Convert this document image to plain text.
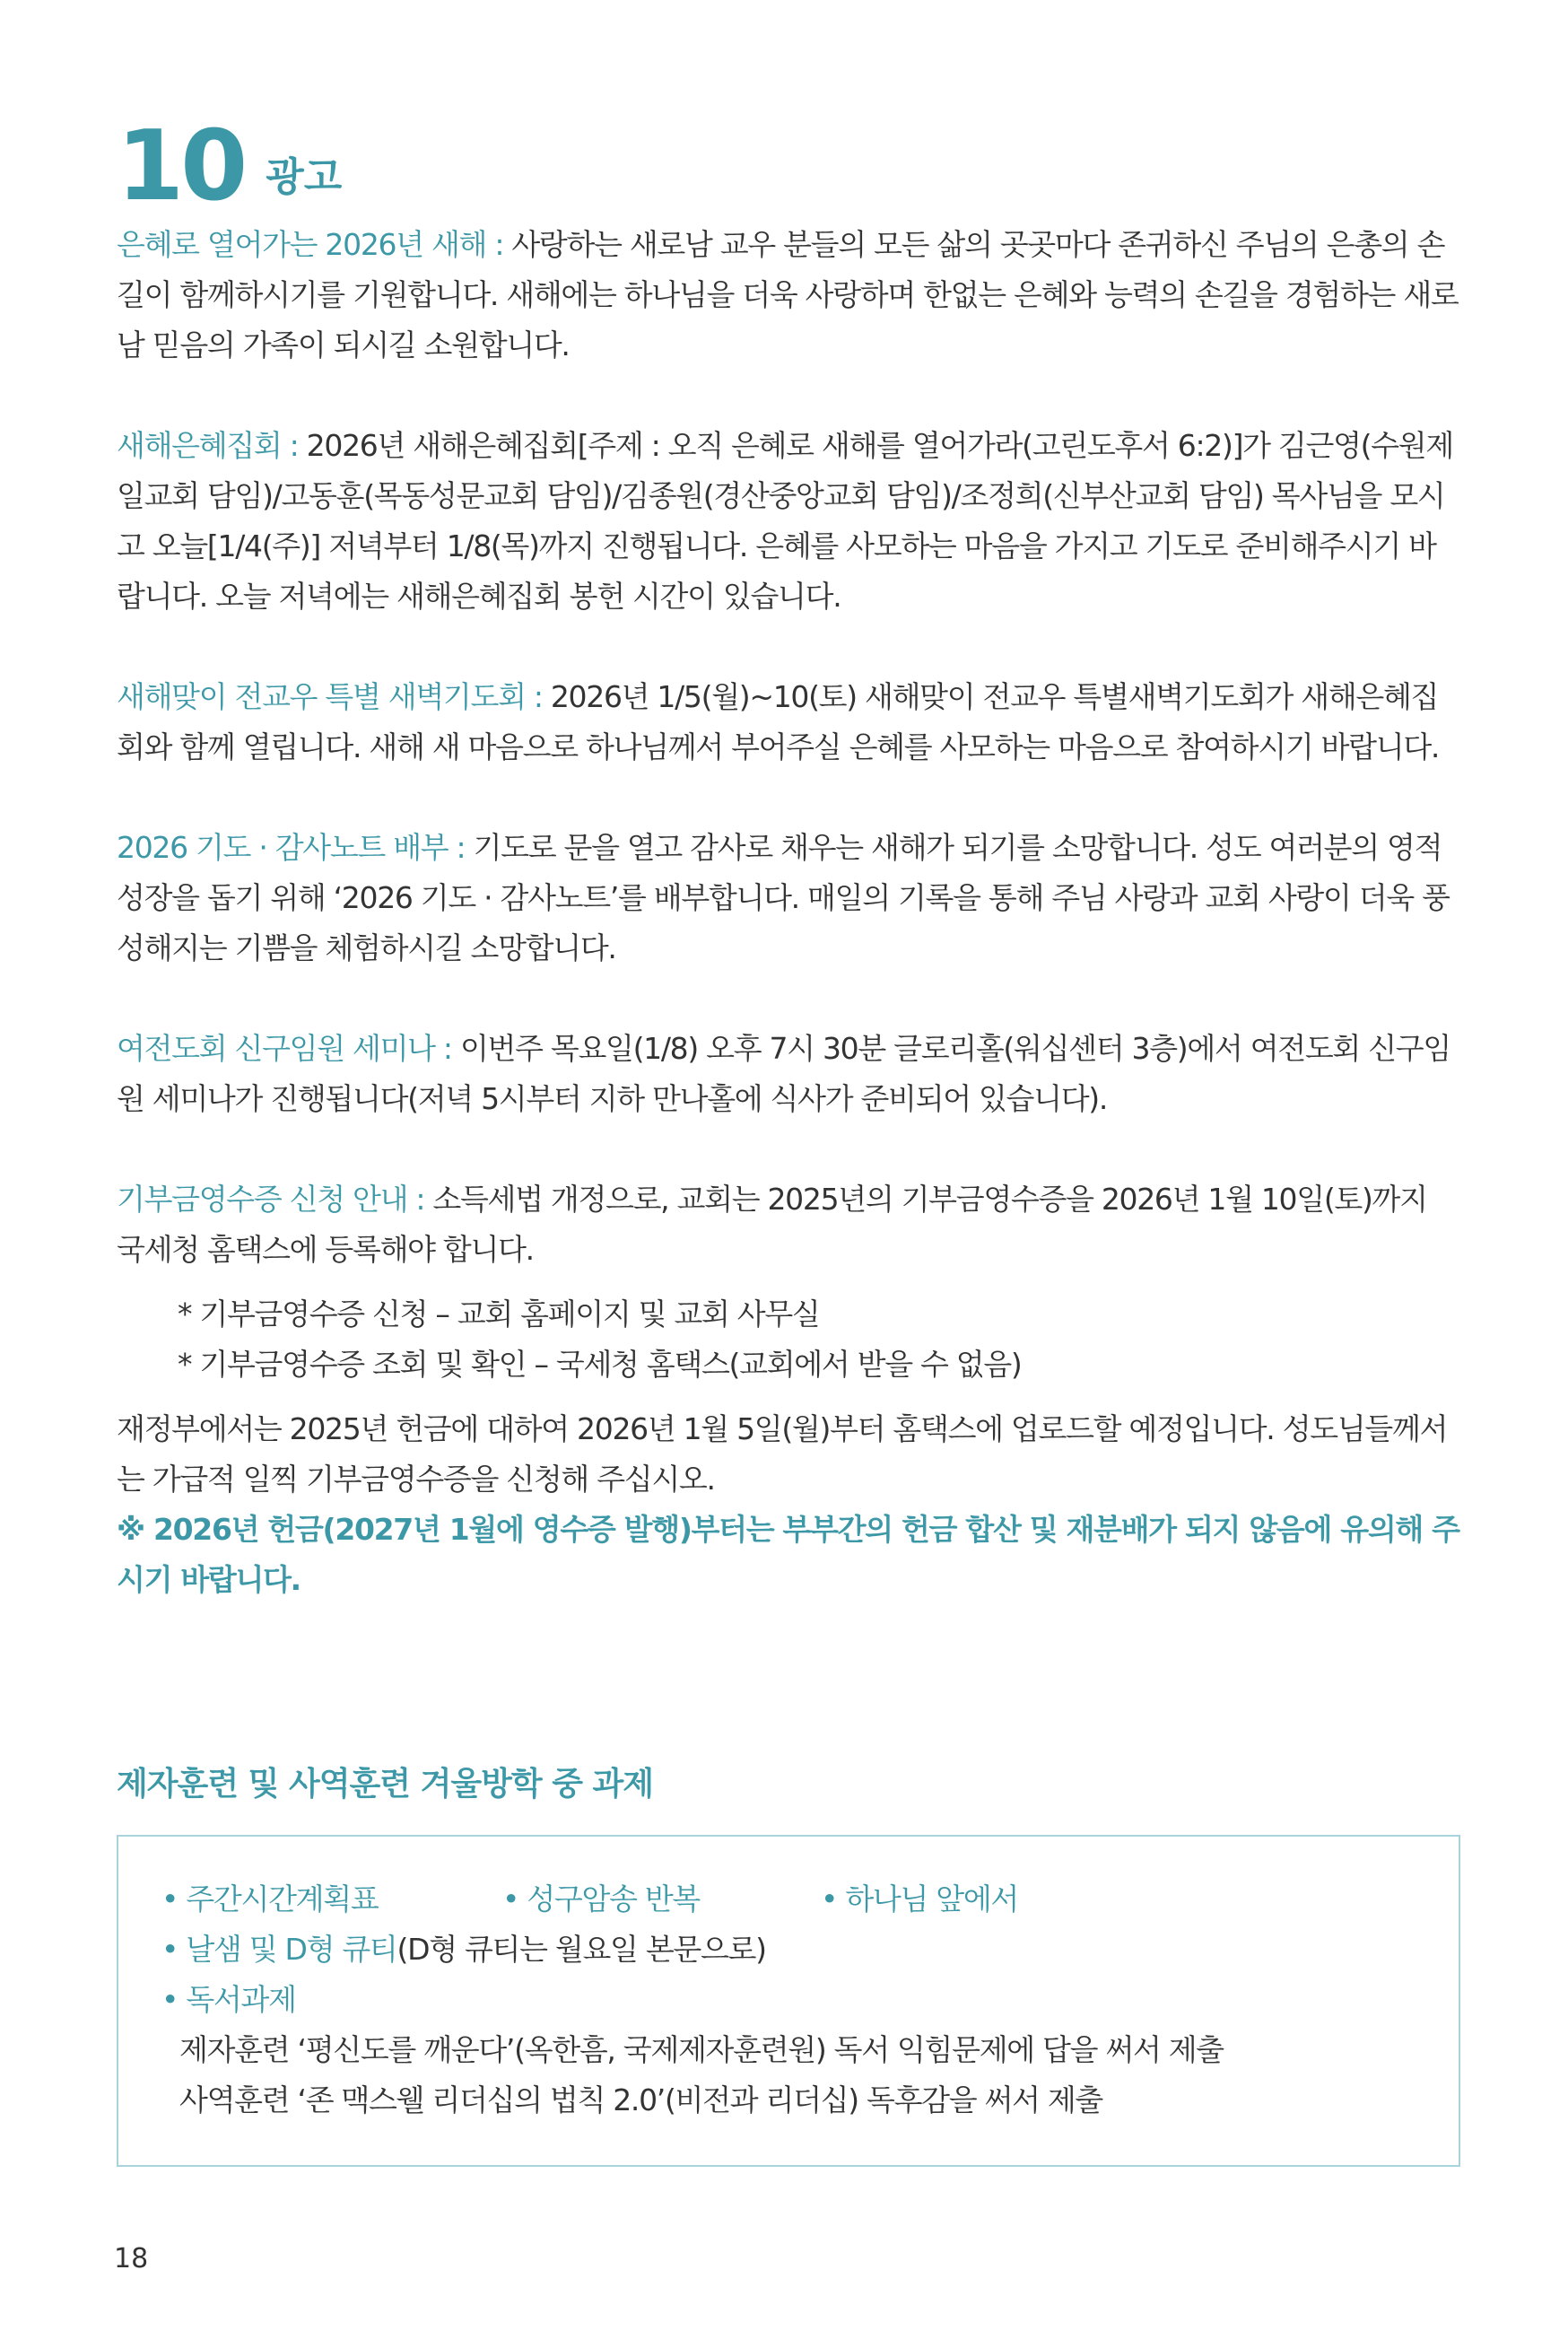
10 광고

은혜로 열어가는 2026년 새해 : 사랑하는 새로남 교우 분들의 모든 삶의 곳곳마다 존귀하신 주님의 은총의 손길이 함께하시기를 기원합니다. 새해에는 하나님을 더욱 사랑하며 한없는 은혜와 능력의 손길을 경험하는 새로남 믿음의 가족이 되시길 소원합니다.

새해은혜집회 : 2026년 새해은혜집회[주제 : 오직 은혜로 새해를 열어가라(고린도후서 6:2)]가 김근영(수원제일교회 담임)/고동훈(목동성문교회 담임)/김종원(경산중앙교회 담임)/조정희(신부산교회 담임) 목사님을 모시고 오늘[1/4(주)] 저녁부터 1/8(목)까지 진행됩니다. 은혜를 사모하는 마음을 가지고 기도로 준비해주시기 바랍니다. 오늘 저녁에는 새해은혜집회 봉헌 시간이 있습니다.

새해맞이 전교우 특별 새벽기도회 : 2026년 1/5(월)~10(토) 새해맞이 전교우 특별새벽기도회가 새해은혜집회와 함께 열립니다. 새해 새 마음으로 하나님께서 부어주실 은혜를 사모하는 마음으로 참여하시기 바랍니다.

2026 기도 · 감사노트 배부 : 기도로 문을 열고 감사로 채우는 새해가 되기를 소망합니다. 성도 여러분의 영적 성장을 돕기 위해 ‘2026 기도 · 감사노트’를 배부합니다. 매일의 기록을 통해 주님 사랑과 교회 사랑이 더욱 풍성해지는 기쁨을 체험하시길 소망합니다.

여전도회 신구임원 세미나 : 이번주 목요일(1/8) 오후 7시 30분 글로리홀(워십센터 3층)에서 여전도회 신구임원 세미나가 진행됩니다(저녁 5시부터 지하 만나홀에 식사가 준비되어 있습니다).

기부금영수증 신청 안내 : 소득세법 개정으로, 교회는 2025년의 기부금영수증을 2026년 1월 10일(토)까지 국세청 홈택스에 등록해야 합니다.

* 기부금영수증 신청 – 교회 홈페이지 및 교회 사무실
* 기부금영수증 조회 및 확인 – 국세청 홈택스(교회에서 받을 수 없음)

재정부에서는 2025년 헌금에 대하여 2026년 1월 5일(월)부터 홈택스에 업로드할 예정입니다. 성도님들께서는 가급적 일찍 기부금영수증을 신청해 주십시오.

※ 2026년 헌금(2027년 1월에 영수증 발행)부터는 부부간의 헌금 합산 및 재분배가 되지 않음에 유의해 주시기 바랍니다.

제자훈련 및 사역훈련 겨울방학 중 과제
• 주간시간계획표	• 성구암송 반복	• 하나님 앞에서
• 날샘 및 D형 큐티(D형 큐티는 월요일 본문으로)
• 독서과제
제자훈련 ‘평신도를 깨운다’(옥한흠, 국제제자훈련원) 독서 익힘문제에 답을 써서 제출
사역훈련 ‘존 맥스웰 리더십의 법칙 2.0’(비전과 리더십) 독후감을 써서 제출
18
